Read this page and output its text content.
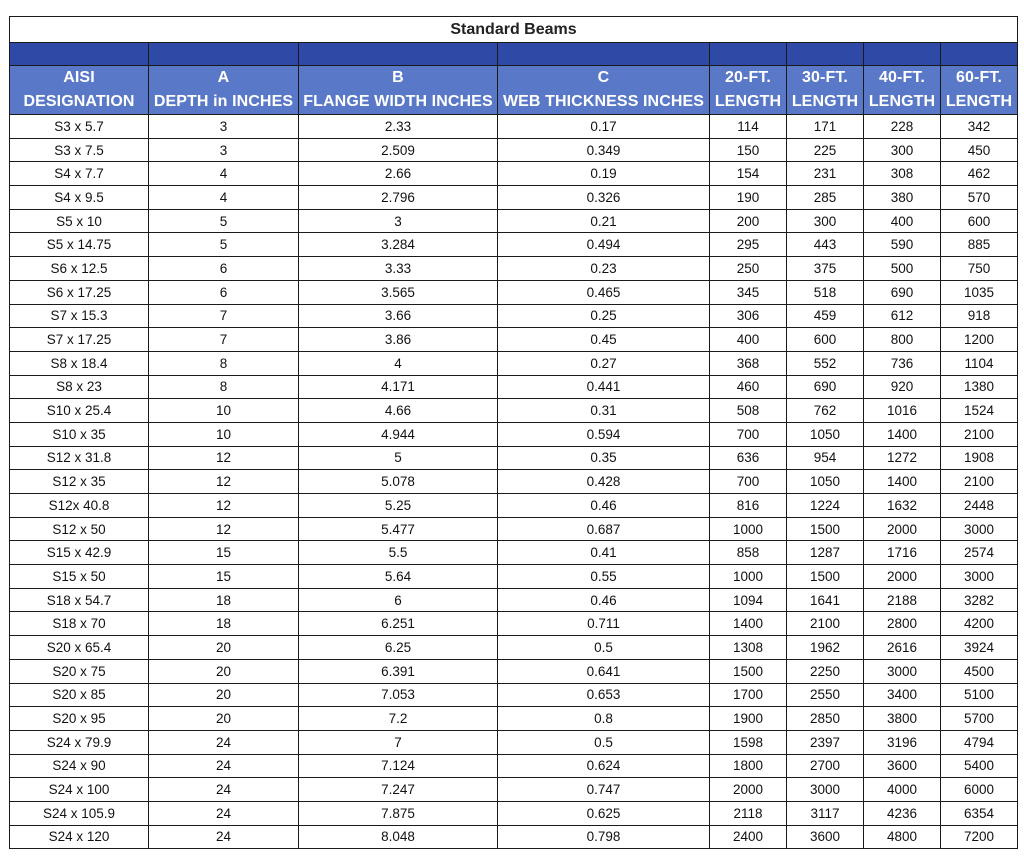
Standard Beams							

AISI	A	B	C	20-FT.	30-FT.	40-FT.	60-FT.
DESIGNATION	DEPTH in INCHES	FLANGE WIDTH INCHES	WEB THICKNESS INCHES	LENGTH	LENGTH	LENGTH	LENGTH
S3 x 5.7	3	2.33	0.17	114	171	228	342
S3 x 7.5	3	2.509	0.349	150	225	300	450
S4 x 7.7	4	2.66	0.19	154	231	308	462
S4 x 9.5	4	2.796	0.326	190	285	380	570
S5 x 10	5	3	0.21	200	300	400	600
S5 x 14.75	5	3.284	0.494	295	443	590	885
S6 x 12.5	6	3.33	0.23	250	375	500	750
S6 x 17.25	6	3.565	0.465	345	518	690	1035
S7 x 15.3	7	3.66	0.25	306	459	612	918
S7 x 17.25	7	3.86	0.45	400	600	800	1200
S8 x 18.4	8	4	0.27	368	552	736	1104
S8 x 23	8	4.171	0.441	460	690	920	1380
S10 x 25.4	10	4.66	0.31	508	762	1016	1524
S10 x 35	10	4.944	0.594	700	1050	1400	2100
S12 x 31.8	12	5	0.35	636	954	1272	1908
S12 x 35	12	5.078	0.428	700	1050	1400	2100
S12x 40.8	12	5.25	0.46	816	1224	1632	2448
S12 x 50	12	5.477	0.687	1000	1500	2000	3000
S15 x 42.9	15	5.5	0.41	858	1287	1716	2574
S15 x 50	15	5.64	0.55	1000	1500	2000	3000
S18 x 54.7	18	6	0.46	1094	1641	2188	3282
S18 x 70	18	6.251	0.711	1400	2100	2800	4200
S20 x 65.4	20	6.25	0.5	1308	1962	2616	3924
S20 x 75	20	6.391	0.641	1500	2250	3000	4500
S20 x 85	20	7.053	0.653	1700	2550	3400	5100
S20 x 95	20	7.2	0.8	1900	2850	3800	5700
S24 x 79.9	24	7	0.5	1598	2397	3196	4794
S24 x 90	24	7.124	0.624	1800	2700	3600	5400
S24 x 100	24	7.247	0.747	2000	3000	4000	6000
S24 x 105.9	24	7.875	0.625	2118	3117	4236	6354
S24 x 120	24	8.048	0.798	2400	3600	4800	7200
